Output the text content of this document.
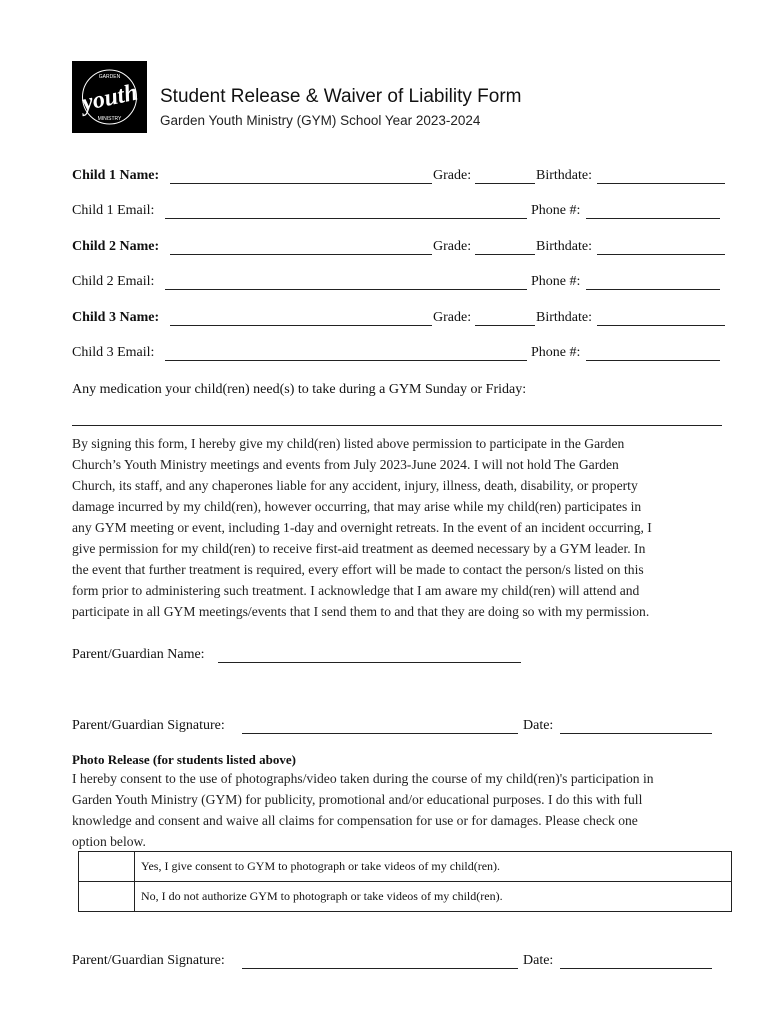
GARDEN
MINISTRY
youth Student Release & Waiver of Liability Form
Garden Youth Ministry (GYM) School Year 2023-2024
Child 1 Name:	Grade:	Birthdate:
Child 1 Email:	Phone #:
Child 2 Name:	Grade:	Birthdate:
Child 2 Email:	Phone #:
Child 3 Name:	Grade:	Birthdate:
Child 3 Email:	Phone #:
Any medication your child(ren) need(s) to take during a GYM Sunday or Friday:
By signing this form, I hereby give my child(ren) listed above permission to participate in the Garden
Church’s Youth Ministry meetings and events from July 2023-June 2024. I will not hold The Garden
Church, its staff, and any chaperones liable for any accident, injury, illness, death, disability, or property
damage incurred by my child(ren), however occurring, that may arise while my child(ren) participates in
any GYM meeting or event, including 1-day and overnight retreats. In the event of an incident occurring, I
give permission for my child(ren) to receive first-aid treatment as deemed necessary by a GYM leader. In
the event that further treatment is required, every effort will be made to contact the person/s listed on this
form prior to administering such treatment. I acknowledge that I am aware my child(ren) will attend and
participate in all GYM meetings/events that I send them to and that they are doing so with my permission.
Parent/Guardian Name:
Parent/Guardian Signature:	Date:
Photo Release (for students listed above)
I hereby consent to the use of photographs/video taken during the course of my child(ren)'s participation in
Garden Youth Ministry (GYM) for publicity, promotional and/or educational purposes. I do this with full
knowledge and consent and waive all claims for compensation for use or for damages. Please check one
option below.
	Yes, I give consent to GYM to photograph or take videos of my child(ren).
	No, I do not authorize GYM to photograph or take videos of my child(ren).
Parent/Guardian Signature:	Date:
